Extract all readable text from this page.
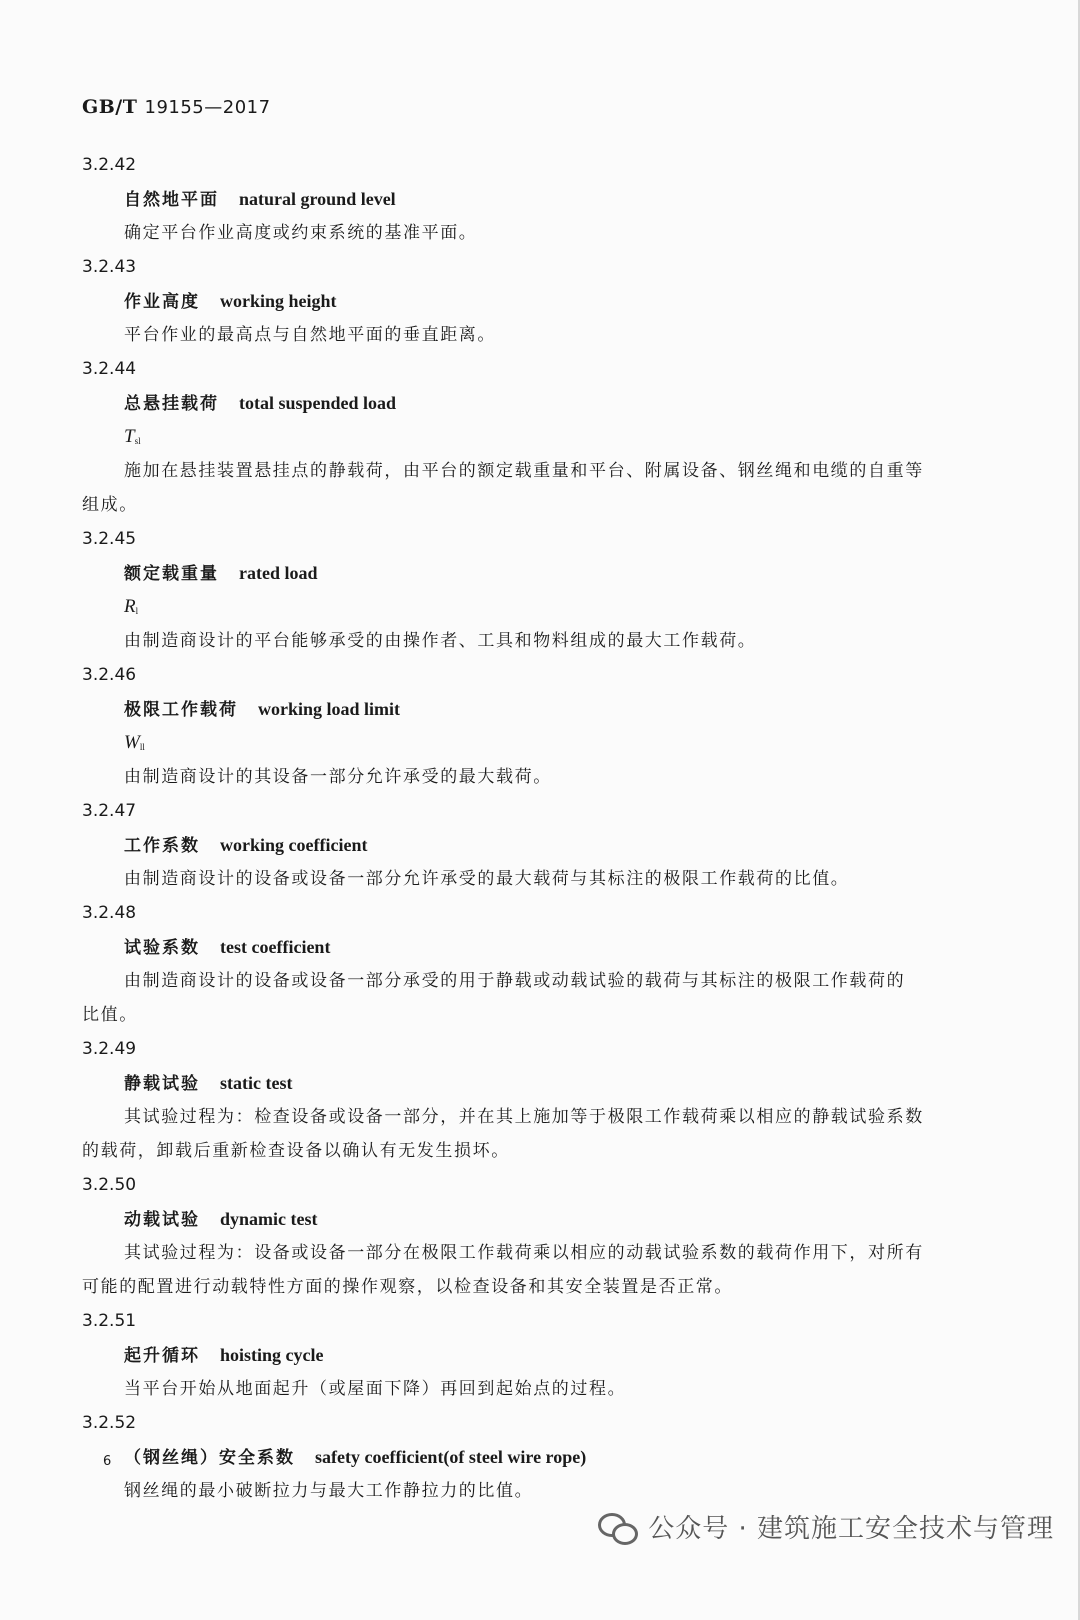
GB/T 19155—2017
3.2.42
自然地平面 natural ground level
确定平台作业高度或约束系统的基准平面。
3.2.43
作业高度 working height
平台作业的最高点与自然地平面的垂直距离。
3.2.44
总悬挂载荷 total suspended load
$T_{sl}$
施加在悬挂装置悬挂点的静载荷，由平台的额定载重量和平台、附属设备、钢丝绳和电缆的自重等
组成。
3.2.45
额定载重量 rated load
$R_l$
由制造商设计的平台能够承受的由操作者、工具和物料组成的最大工作载荷。
3.2.46
极限工作载荷 working load limit
$W_{ll}$
由制造商设计的其设备一部分允许承受的最大载荷。
3.2.47
工作系数 working coefficient
由制造商设计的设备或设备一部分允许承受的最大载荷与其标注的极限工作载荷的比值。
3.2.48
试验系数 test coefficient
由制造商设计的设备或设备一部分承受的用于静载或动载试验的载荷与其标注的极限工作载荷的
比值。
3.2.49
静载试验 static test
其试验过程为：检查设备或设备一部分，并在其上施加等于极限工作载荷乘以相应的静载试验系数
的载荷，卸载后重新检查设备以确认有无发生损坏。
3.2.50
动载试验 dynamic test
其试验过程为：设备或设备一部分在极限工作载荷乘以相应的动载试验系数的载荷作用下，对所有
可能的配置进行动载特性方面的操作观察，以检查设备和其安全装置是否正常。
3.2.51
起升循环 hoisting cycle
当平台开始从地面起升（或屋面下降）再回到起始点的过程。
3.2.52
（钢丝绳）安全系数 safety coefficient(of steel wire rope)
钢丝绳的最小破断拉力与最大工作静拉力的比值。
6
公众号 · 建筑施工安全技术与管理
